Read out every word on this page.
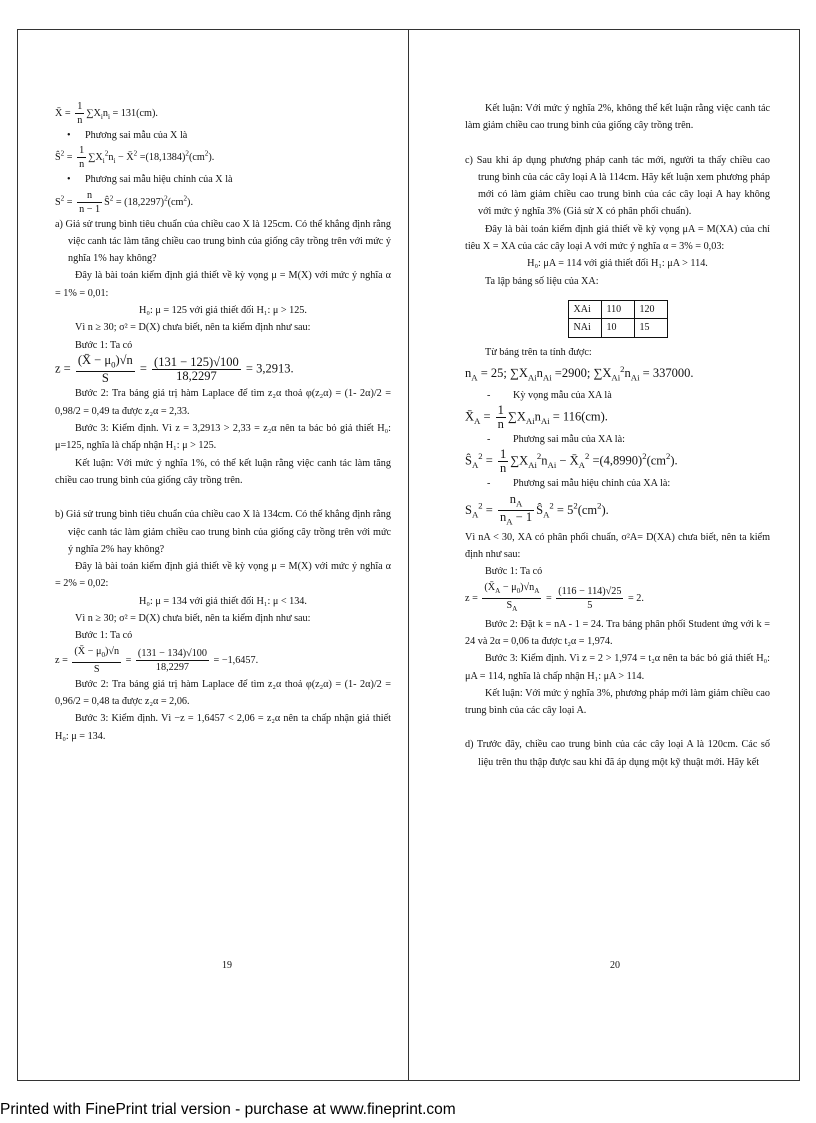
X̄ = $\frac{1}{n} \sum X_in_i = 131(cm)$.

• Phương sai mẫu của X là

$Ŝ^2 = \frac{1}{n} \sum X_i^2n_i$ − X̄$^2$ $=(18,1384)^2(cm^2)$.

• Phương sai mẫu hiệu chỉnh của X là

$S^2 = \frac{n}{n - 1}$ $Ŝ^2 = (18,2297)^2(cm^2)$.

a) Giả sử trung bình tiêu chuẩn của chiều cao X là 125cm. Có thể khẳng định rằng việc canh tác làm tăng chiều cao trung bình của giống cây trồng trên với mức ý nghĩa 1% hay không?

Đây là bài toán kiểm định giả thiết về kỳ vọng μ = M(X) với mức ý nghĩa α = 1% = 0,01:

H₀: μ = 125 với giả thiết đối H₁: μ > 125.

Vì n ≥ 30; σ² = D(X) chưa biết, nên ta kiểm định như sau:

Bước 1: Ta có

$z = \frac{(X̄ - \mu_0)√n}{S} = \frac{(131 - 125)√100}{18,2297} = 3,2913$.

Bước 2: Tra bảng giá trị hàm Laplace để tìm z₂α thoả φ(z₂α) = (1- 2α)/2 = 0,98/2 = 0,49 ta được z₂α = 2,33.

Bước 3: Kiểm định. Vì z = 3,2913 > 2,33 = z₂α nên ta bác bỏ giả thiết H₀: μ=125, nghĩa là chấp nhận H₁: μ > 125.

Kết luận: Với mức ý nghĩa 1%, có thể kết luận rằng việc canh tác làm tăng chiều cao trung bình của giống cây trồng trên.

b) Giả sử trung bình tiêu chuẩn của chiều cao X là 134cm. Có thể khẳng định rằng việc canh tác làm giảm chiều cao trung bình của giống cây trồng trên với mức ý nghĩa 2% hay không?

Đây là bài toán kiểm định giả thiết về kỳ vọng μ = M(X) với mức ý nghĩa α = 2% = 0,02:

H₀: μ = 134 với giả thiết đối H₁: μ < 134.

Vì n ≥ 30; σ² = D(X) chưa biết, nên ta kiểm định như sau:

Bước 1: Ta có

$z = \frac{(X̄ - \mu_0)√n}{S} = \frac{(131 - 134)√100}{18,2297} = -1,6457$.

Bước 2: Tra bảng giá trị hàm Laplace để tìm z₂α thoả φ(z₂α) = (1- 2α)/2 = 0,96/2 = 0,48 ta được z₂α = 2,06.

Bước 3: Kiểm định. Vì −z = 1,6457 < 2,06 = z₂α nên ta chấp nhận giả thiết H₀: μ = 134.

19

Kết luận: Với mức ý nghĩa 2%, không thể kết luận rằng việc canh tác làm giảm chiều cao trung bình của giống cây trồng trên.

c) Sau khi áp dụng phương pháp canh tác mới, người ta thấy chiều cao trung bình của các cây loại A là 114cm. Hãy kết luận xem phương pháp mới có làm giảm chiều cao trung bình của các cây loại A hay không với mức ý nghĩa 3% (Giả sử X có phân phối chuẩn).

Đây là bài toán kiểm định giả thiết về kỳ vọng μA = M(XA) của chỉ tiêu X = XA của các cây loại A với mức ý nghĩa α = 3% = 0,03:

H₀: μA = 114 với giả thiết đối H₁: μA > 114.

Ta lập bảng số liệu của XA:

XAi	110	120
NAi	10	15

Từ bảng trên ta tính được:

$n_A = 25$; $\sum X_{Ai}n_{Ai} =2900$; $\sum X_{Ai}^2n_{Ai} = 337000$.

- Kỳ vọng mẫu của XA là

$X̄_A = \frac{1}{n} \sum X_{Ai}n_{Ai} = 116(cm)$.

- Phương sai mẫu của XA là:

$Ŝ_A^2 = \frac{1}{n} \sum X_{Ai}^2n_{Ai}$ − $X̄_A^2 =(4,8990)^2(cm^2)$.

- Phương sai mẫu hiệu chỉnh của XA là:

$S_A^2 = \frac{n_A}{n_A - 1}$ $Ŝ_A^2 = 5^2(cm^2)$.

Vì nA < 30, XA có phân phối chuẩn, σ²A= D(XA) chưa biết, nên ta kiểm định như sau:

Bước 1: Ta có

$z = \frac{(X̄_A - \mu_0)√n_A}{S_A} = \frac{(116 - 114)√25}{5} = 2$.

Bước 2: Đặt k = nA - 1 = 24. Tra bảng phân phối Student ứng với k = 24 và 2α = 0,06 ta được t₂α = 1,974.

Bước 3: Kiểm định. Vì z = 2 > 1,974 = t₂α nên ta bác bỏ giả thiết H₀: μA = 114, nghĩa là chấp nhận H₁: μA > 114.

Kết luận: Với mức ý nghĩa 3%, phương pháp mới làm giảm chiều cao trung bình của các cây loại A.

d) Trước đây, chiều cao trung bình của các cây loại A là 120cm. Các số liệu trên thu thập được sau khi đã áp dụng một kỹ thuật mới. Hãy kết

20
Printed with FinePrint trial version - purchase at www.fineprint.com
